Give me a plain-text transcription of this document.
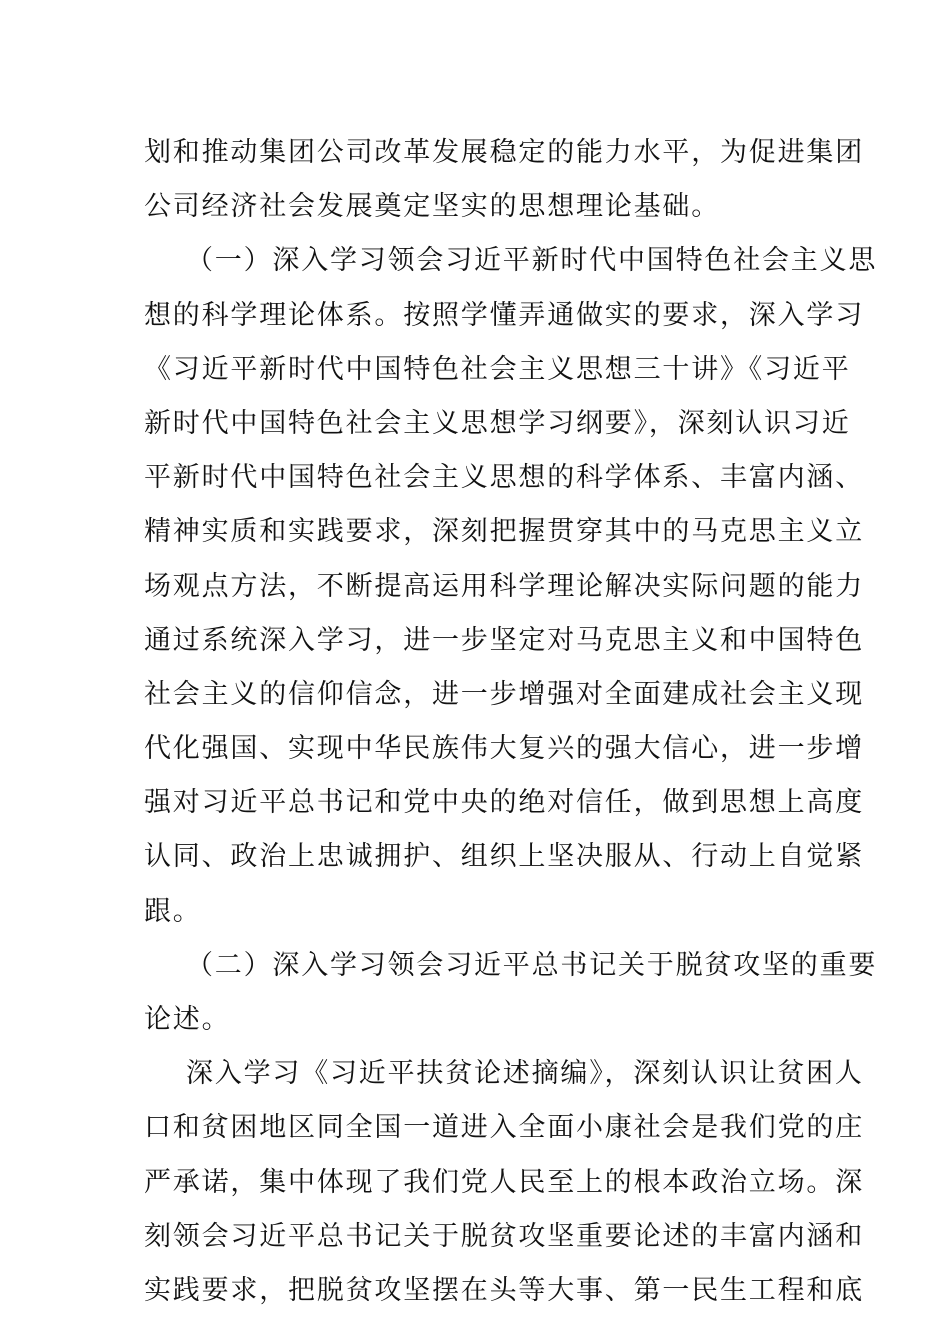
划和推动集团公司改革发展稳定的能力水平，为促进集团
公司经济社会发展奠定坚实的思想理论基础。
（一）深入学习领会习近平新时代中国特色社会主义思
想的科学理论体系。按照学懂弄通做实的要求，深入学习
《习近平新时代中国特色社会主义思想三十讲》《习近平
新时代中国特色社会主义思想学习纲要》，深刻认识习近
平新时代中国特色社会主义思想的科学体系、丰富内涵、
精神实质和实践要求，深刻把握贯穿其中的马克思主义立
场观点方法，不断提高运用科学理论解决实际问题的能力
通过系统深入学习，进一步坚定对马克思主义和中国特色
社会主义的信仰信念，进一步增强对全面建成社会主义现
代化强国、实现中华民族伟大复兴的强大信心，进一步增
强对习近平总书记和党中央的绝对信任，做到思想上高度
认同、政治上忠诚拥护、组织上坚决服从、行动上自觉紧
跟。
（二）深入学习领会习近平总书记关于脱贫攻坚的重要
论述。
深入学习《习近平扶贫论述摘编》，深刻认识让贫困人
口和贫困地区同全国一道进入全面小康社会是我们党的庄
严承诺，集中体现了我们党人民至上的根本政治立场。深
刻领会习近平总书记关于脱贫攻坚重要论述的丰富内涵和
实践要求，把脱贫攻坚摆在头等大事、第一民生工程和底
